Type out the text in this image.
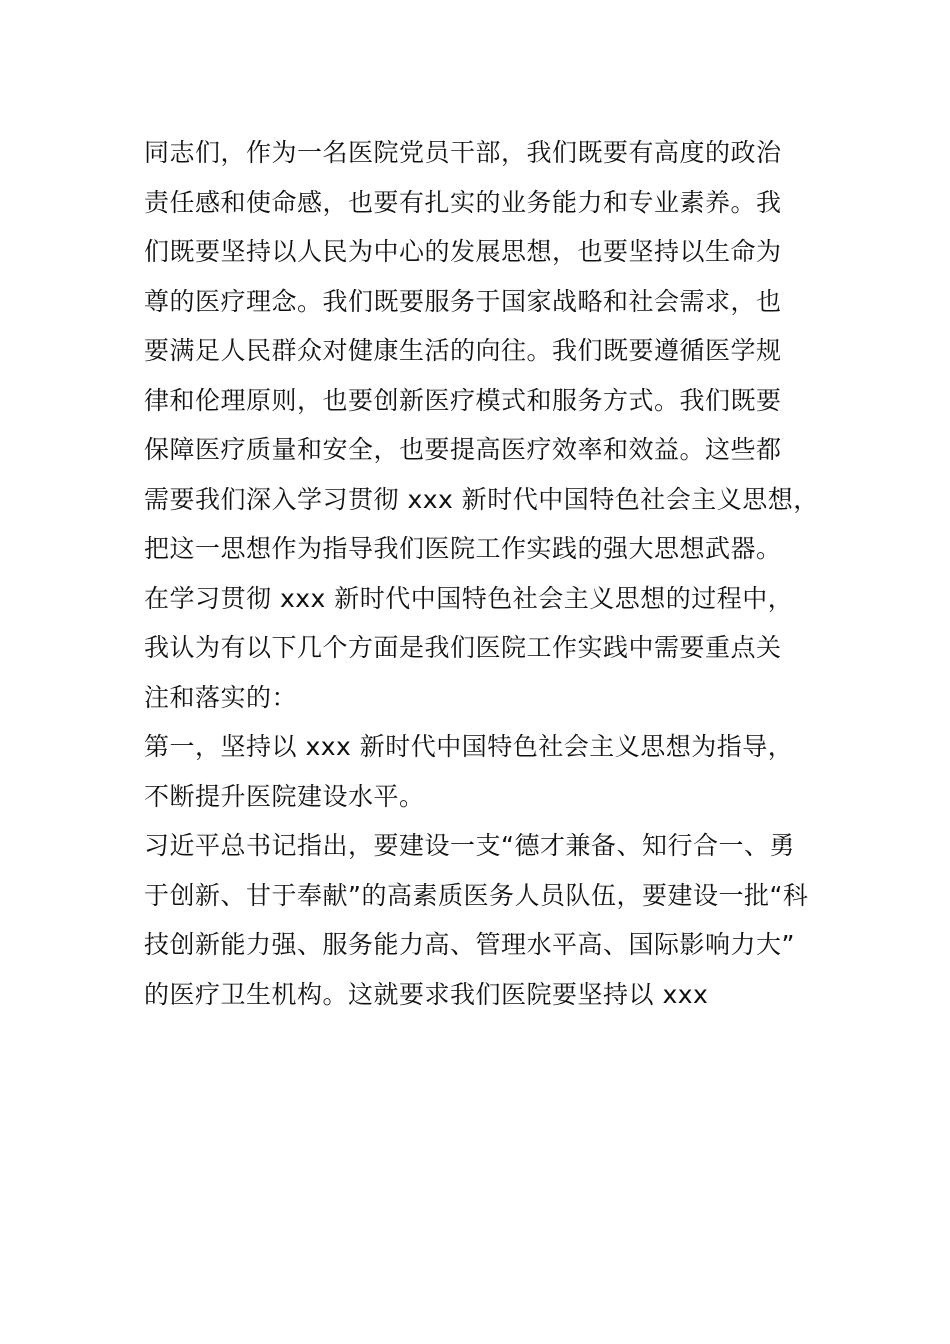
同志们，作为一名医院党员干部，我们既要有高度的政治
责任感和使命感，也要有扎实的业务能力和专业素养。我
们既要坚持以人民为中心的发展思想，也要坚持以生命为
尊的医疗理念。我们既要服务于国家战略和社会需求，也
要满足人民群众对健康生活的向往。我们既要遵循医学规
律和伦理原则，也要创新医疗模式和服务方式。我们既要
保障医疗质量和安全，也要提高医疗效率和效益。这些都
需要我们深入学习贯彻 xxx 新时代中国特色社会主义思想，
把这一思想作为指导我们医院工作实践的强大思想武器。
在学习贯彻 xxx 新时代中国特色社会主义思想的过程中，
我认为有以下几个方面是我们医院工作实践中需要重点关
注和落实的：
第一，坚持以 xxx 新时代中国特色社会主义思想为指导，
不断提升医院建设水平。
习近平总书记指出，要建设一支“德才兼备、知行合一、勇
于创新、甘于奉献”的高素质医务人员队伍，要建设一批“科
技创新能力强、服务能力高、管理水平高、国际影响力大”
的医疗卫生机构。这就要求我们医院要坚持以 xxx
